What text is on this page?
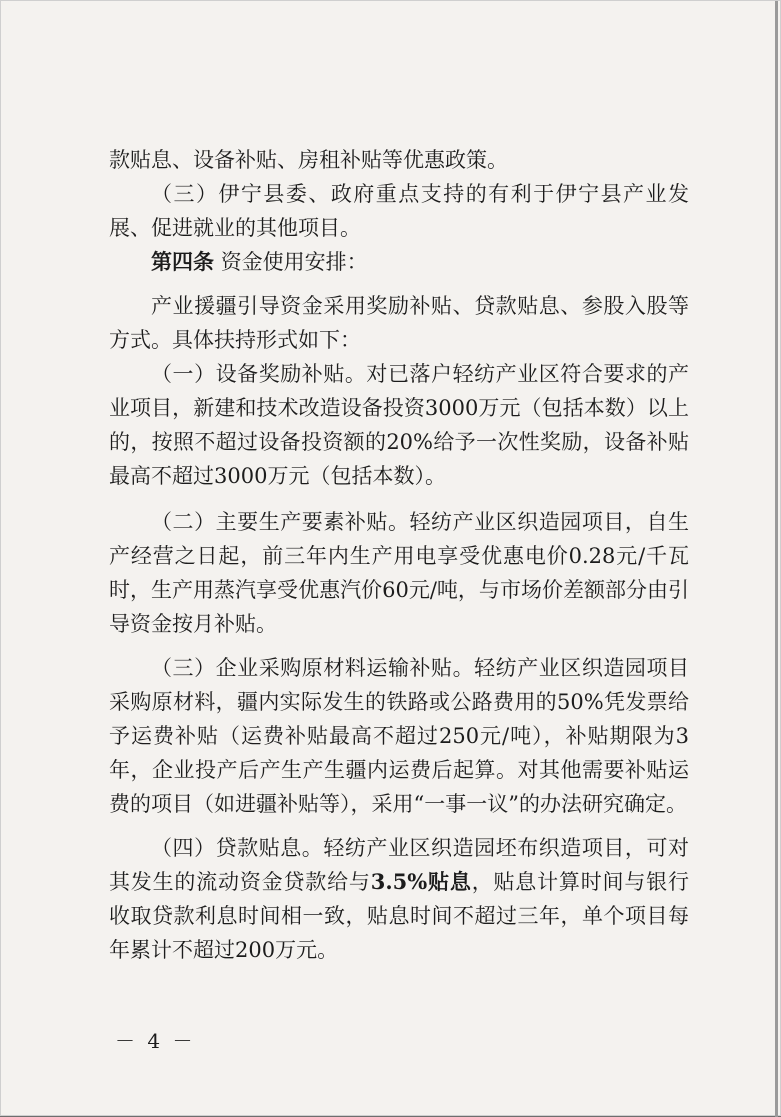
款贴息、设备补贴、房租补贴等优惠政策。
（三）伊宁县委、政府重点支持的有利于伊宁县产业发展、促进就业的其他项目。
第四条 资金使用安排：
产业援疆引导资金采用奖励补贴、贷款贴息、参股入股等方式。具体扶持形式如下：
（一）设备奖励补贴。对已落户轻纺产业区符合要求的产业项目，新建和技术改造设备投资3000万元（包括本数）以上的，按照不超过设备投资额的20%给予一次性奖励，设备补贴最高不超过3000万元（包括本数）。
（二）主要生产要素补贴。轻纺产业区织造园项目，自生产经营之日起，前三年内生产用电享受优惠电价0.28元/千瓦时，生产用蒸汽享受优惠汽价60元/吨，与市场价差额部分由引导资金按月补贴。
（三）企业采购原材料运输补贴。轻纺产业区织造园项目采购原材料，疆内实际发生的铁路或公路费用的50%凭发票给予运费补贴（运费补贴最高不超过250元/吨），补贴期限为3年，企业投产后产生产生疆内运费后起算。对其他需要补贴运费的项目（如进疆补贴等），采用“一事一议”的办法研究确定。
（四）贷款贴息。轻纺产业区织造园坯布织造项目，可对其发生的流动资金贷款给与3.5%贴息，贴息计算时间与银行收取贷款利息时间相一致，贴息时间不超过三年，单个项目每年累计不超过200万元。
－ 4 －
